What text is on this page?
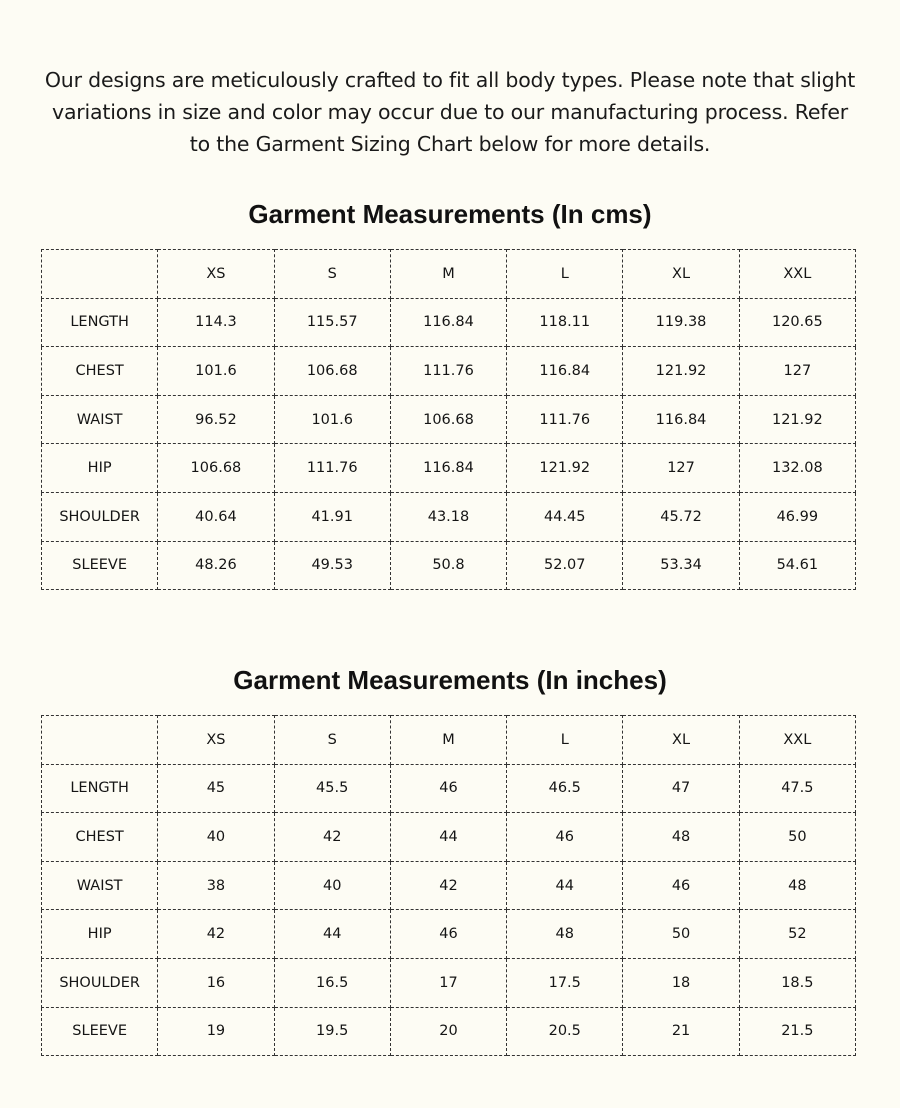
Our designs are meticulously crafted to fit all body types. Please note that slight variations in size and color may occur due to our manufacturing process. Refer to the Garment Sizing Chart below for more details.

Garment Measurements (In cms)
	XS	S	M	L	XL	XXL
LENGTH	114.3	115.57	116.84	118.11	119.38	120.65
CHEST	101.6	106.68	111.76	116.84	121.92	127
WAIST	96.52	101.6	106.68	111.76	116.84	121.92
HIP	106.68	111.76	116.84	121.92	127	132.08
SHOULDER	40.64	41.91	43.18	44.45	45.72	46.99
SLEEVE	48.26	49.53	50.8	52.07	53.34	54.61
Garment Measurements (In inches)
	XS	S	M	L	XL	XXL
LENGTH	45	45.5	46	46.5	47	47.5
CHEST	40	42	44	46	48	50
WAIST	38	40	42	44	46	48
HIP	42	44	46	48	50	52
SHOULDER	16	16.5	17	17.5	18	18.5
SLEEVE	19	19.5	20	20.5	21	21.5
